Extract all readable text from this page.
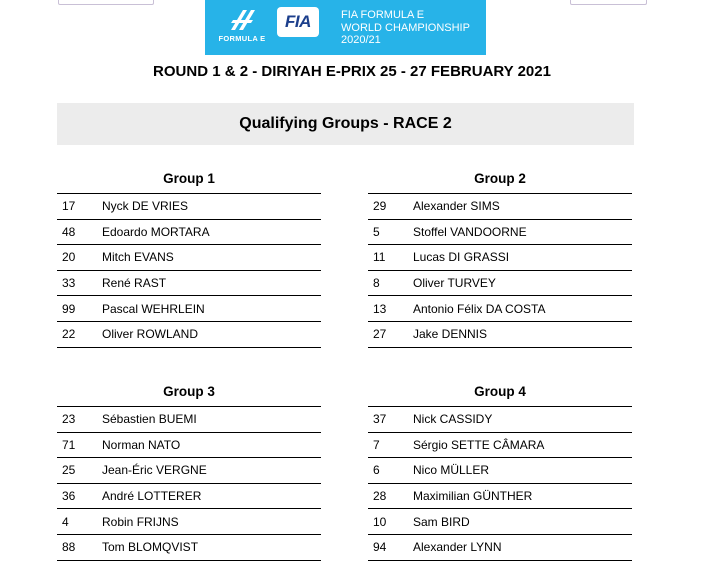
FORMULA E
FIA	FIA FORMULA E
WORLD CHAMPIONSHIP
2020/21
ROUND 1 & 2 - DIRIYAH E-PRIX 25 - 27 FEBRUARY 2021
Qualifying Groups - RACE 2
Group 1
17	Nyck DE VRIES
48	Edoardo MORTARA
20	Mitch EVANS
33	René RAST
99	Pascal WEHRLEIN
22	Oliver ROWLAND
Group 2
29	Alexander SIMS
5	Stoffel VANDOORNE
11	Lucas DI GRASSI
8	Oliver TURVEY
13	Antonio Félix DA COSTA
27	Jake DENNIS
Group 3
23	Sébastien BUEMI
71	Norman NATO
25	Jean-Éric VERGNE
36	André LOTTERER
4	Robin FRIJNS
88	Tom BLOMQVIST
Group 4
37	Nick CASSIDY
7	Sérgio SETTE CÂMARA
6	Nico MÜLLER
28	Maximilian GÜNTHER
10	Sam BIRD
94	Alexander LYNN
